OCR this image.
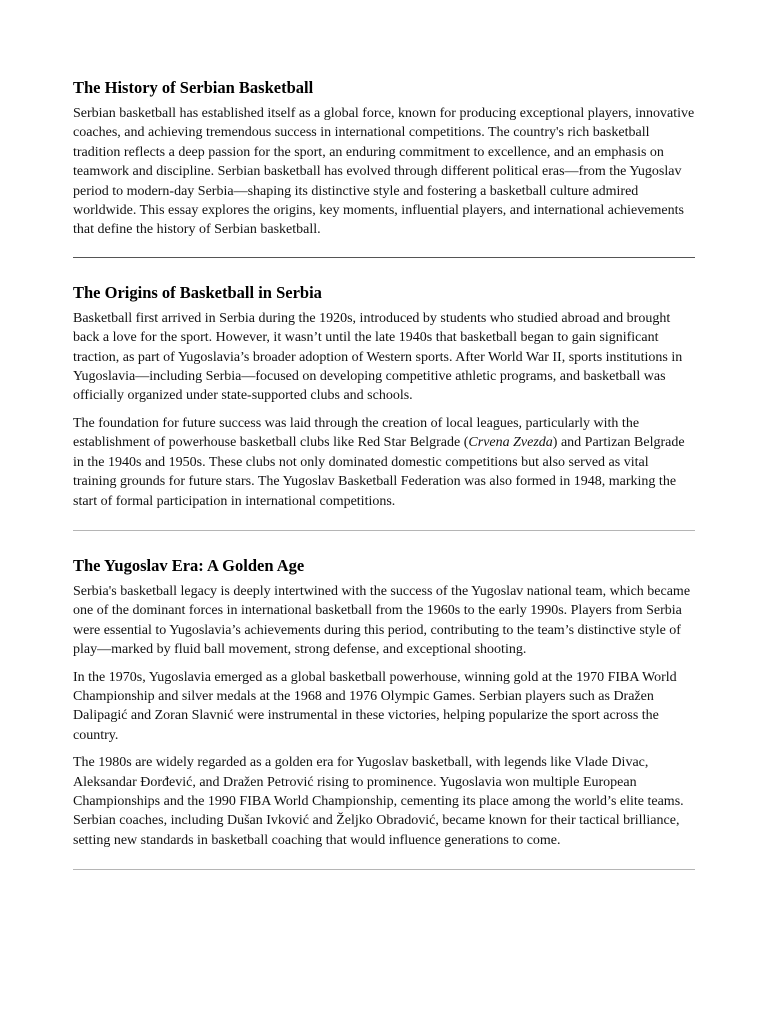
The History of Serbian Basketball

Serbian basketball has established itself as a global force, known for producing exceptional players, innovative coaches, and achieving tremendous success in international competitions. The country's rich basketball tradition reflects a deep passion for the sport, an enduring commitment to excellence, and an emphasis on teamwork and discipline. Serbian basketball has evolved through different political eras—from the Yugoslav period to modern-day Serbia—shaping its distinctive style and fostering a basketball culture admired worldwide. This essay explores the origins, key moments, influential players, and international achievements that define the history of Serbian basketball.

The Origins of Basketball in Serbia

Basketball first arrived in Serbia during the 1920s, introduced by students who studied abroad and brought back a love for the sport. However, it wasn’t until the late 1940s that basketball began to gain significant traction, as part of Yugoslavia’s broader adoption of Western sports. After World War II, sports institutions in Yugoslavia—including Serbia—focused on developing competitive athletic programs, and basketball was officially organized under state-supported clubs and schools.

The foundation for future success was laid through the creation of local leagues, particularly with the establishment of powerhouse basketball clubs like Red Star Belgrade (Crvena Zvezda) and Partizan Belgrade in the 1940s and 1950s. These clubs not only dominated domestic competitions but also served as vital training grounds for future stars. The Yugoslav Basketball Federation was also formed in 1948, marking the start of formal participation in international competitions.

The Yugoslav Era: A Golden Age

Serbia's basketball legacy is deeply intertwined with the success of the Yugoslav national team, which became one of the dominant forces in international basketball from the 1960s to the early 1990s. Players from Serbia were essential to Yugoslavia’s achievements during this period, contributing to the team’s distinctive style of play—marked by fluid ball movement, strong defense, and exceptional shooting.

In the 1970s, Yugoslavia emerged as a global basketball powerhouse, winning gold at the 1970 FIBA World Championship and silver medals at the 1968 and 1976 Olympic Games. Serbian players such as Dražen Dalipagić and Zoran Slavnić were instrumental in these victories, helping popularize the sport across the country.

The 1980s are widely regarded as a golden era for Yugoslav basketball, with legends like Vlade Divac, Aleksandar Đorđević, and Dražen Petrović rising to prominence. Yugoslavia won multiple European Championships and the 1990 FIBA World Championship, cementing its place among the world’s elite teams. Serbian coaches, including Dušan Ivković and Željko Obradović, became known for their tactical brilliance, setting new standards in basketball coaching that would influence generations to come.
